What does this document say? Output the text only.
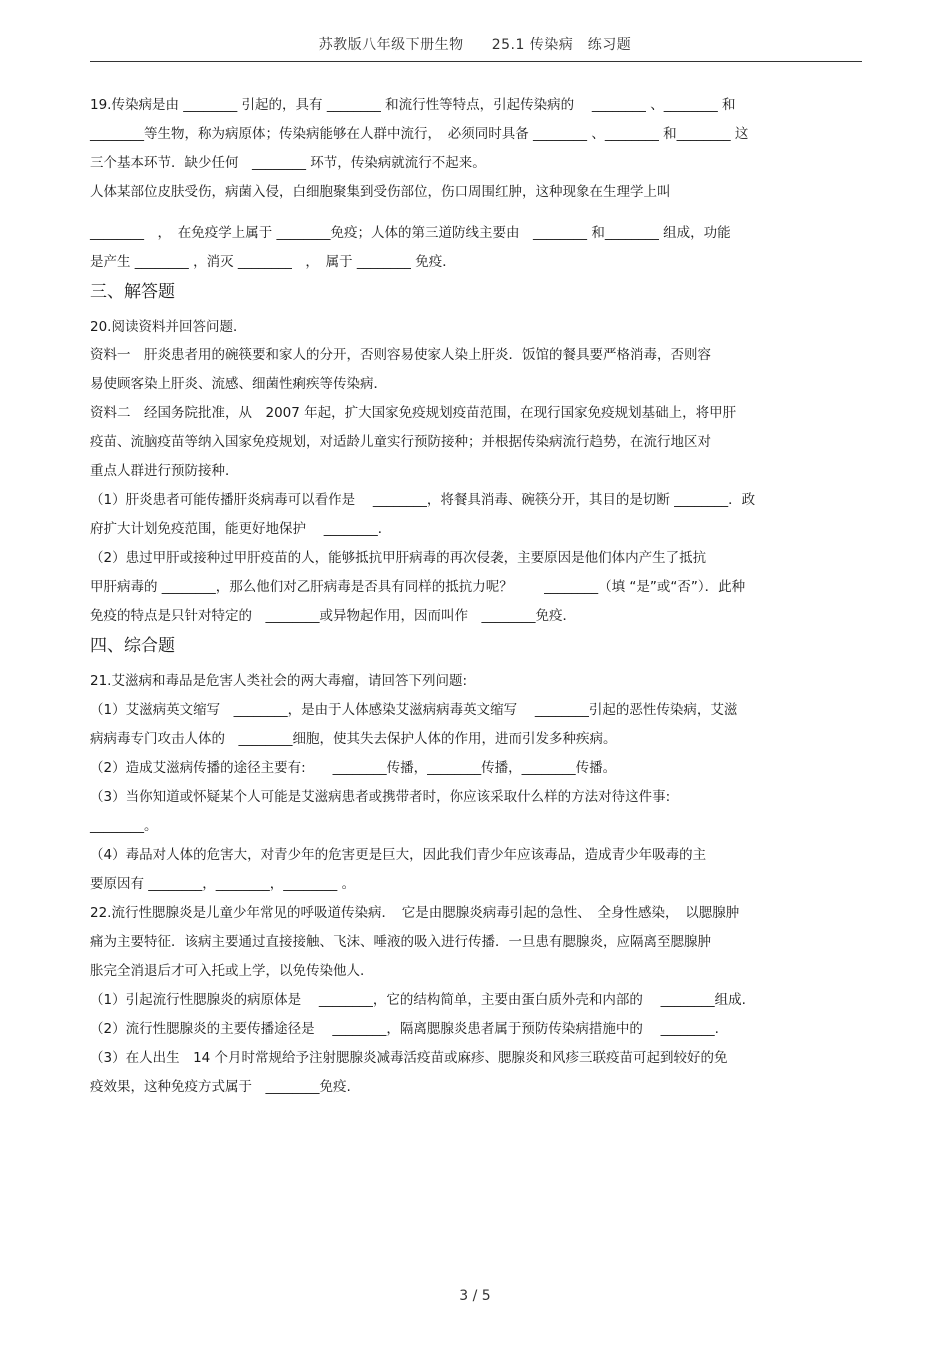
苏教版八年级下册生物 25.1 传染病　练习题
19.传染病是由 ________ 引起的，具有 ________ 和流行性等特点，引起传染病的　 ________ 、________ 和
________等生物，称为病原体；传染病能够在人群中流行，　必须同时具备 ________ 、________ 和________ 这
三个基本环节．缺少任何　________ 环节，传染病就流行不起来。
人体某部位皮肤受伤，病菌入侵，白细胞聚集到受伤部位，伤口周围红肿，这种现象在生理学上叫
________　，　在免疫学上属于 ________免疫；人体的第三道防线主要由　________ 和________ 组成，功能
是产生 ________ ，消灭 ________　，　属于 ________ 免疫．
三、解答题
20.阅读资料并回答问题．
资料一　肝炎患者用的碗筷要和家人的分开，否则容易使家人染上肝炎．饭馆的餐具要严格消毒，否则容
易使顾客染上肝炎、流感、细菌性痢疾等传染病．
资料二　经国务院批准，从　2007 年起，扩大国家免疫规划疫苗范围，在现行国家免疫规划基础上，将甲肝
疫苗、流脑疫苗等纳入国家免疫规划，对适龄儿童实行预防接种；并根据传染病流行趋势，在流行地区对
重点人群进行预防接种．
（1）肝炎患者可能传播肝炎病毒可以看作是　 ________，将餐具消毒、碗筷分开，其目的是切断 ________．政
府扩大计划免疫范围，能更好地保护　 ________．
（2）患过甲肝或接种过甲肝疫苗的人，能够抵抗甲肝病毒的再次侵袭，主要原因是他们体内产生了抵抗
甲肝病毒的 ________，那么他们对乙肝病毒是否具有同样的抵抗力呢？　　 ________（填 “是”或“否”）．此种
免疫的特点是只针对特定的　________或异物起作用，因而叫作　________免疫．
四、综合题
21.艾滋病和毒品是危害人类社会的两大毒瘤，请回答下列问题:
（1）艾滋病英文缩写　________，是由于人体感染艾滋病病毒英文缩写　 ________引起的恶性传染病，艾滋
病病毒专门攻击人体的　________细胞，使其失去保护人体的作用，进而引发多种疾病。
（2）造成艾滋病传播的途径主要有:　　________传播，________传播，________传播。
（3）当你知道或怀疑某个人可能是艾滋病患者或携带者时，你应该采取什么样的方法对待这件事:
________。
（4）毒品对人体的危害大，对青少年的危害更是巨大，因此我们青少年应该毒品，造成青少年吸毒的主
要原因有 ________，________，________ 。
22.流行性腮腺炎是儿童少年常见的呼吸道传染病．　它是由腮腺炎病毒引起的急性、　全身性感染，　以腮腺肿
痛为主要特征．该病主要通过直接接触、飞沫、唾液的吸入进行传播．一旦患有腮腺炎，应隔离至腮腺肿
胀完全消退后才可入托或上学，以免传染他人.
（1）引起流行性腮腺炎的病原体是　 ________，它的结构简单，主要由蛋白质外壳和内部的　 ________组成.
（2）流行性腮腺炎的主要传播途径是　 ________，隔离腮腺炎患者属于预防传染病措施中的　 ________.
（3）在人出生　14 个月时常规给予注射腮腺炎减毒活疫苗或麻疹、腮腺炎和风疹三联疫苗可起到较好的免
疫效果，这种免疫方式属于　________免疫.
3 / 5
